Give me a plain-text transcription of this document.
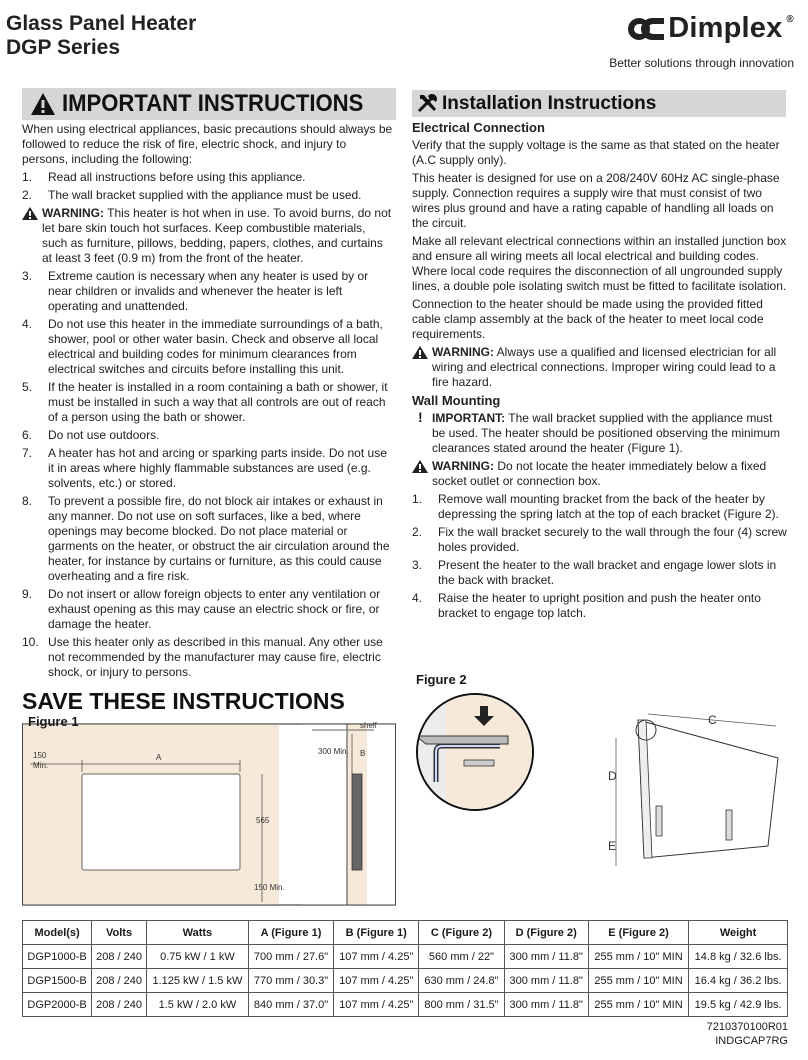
Glass Panel Heater
DGP Series
Dimplex ®
Better solutions through innovation
IMPORTANT INSTRUCTIONS	Installation Instructions

When using electrical appliances, basic precautions should always be followed to reduce the risk of fire, electric shock, and injury to persons, including the following:

1. Read all instructions before using this appliance.
2. The wall bracket supplied with the appliance must be used.
WARNING: This heater is hot when in use. To avoid burns, do not let bare skin touch hot surfaces. Keep combustible materials, such as furniture, pillows, bedding, papers, clothes, and curtains at least 3 feet (0.9 m) from the front of the heater.
3. Extreme caution is necessary when any heater is used by or near children or invalids and whenever the heater is left operating and unattended.
4. Do not use this heater in the immediate surroundings of a bath, shower, pool or other water basin. Check and observe all local electrical and building codes for minimum clearances from electrical switches and circuits before installing this unit.
5. If the heater is installed in a room containing a bath or shower, it must be installed in such a way that all controls are out of reach of a person using the bath or shower.
6. Do not use outdoors.
7. A heater has hot and arcing or sparking parts inside. Do not use it in areas where highly flammable substances are used (e.g. solvents, etc.) or stored.
8. To prevent a possible fire, do not block air intakes or exhaust in any manner. Do not use on soft surfaces, like a bed, where openings may become blocked. Do not place material or garments on the heater, or obstruct the air circulation around the heater, for instance by curtains or furniture, as this could cause overheating and a fire risk.
9. Do not insert or allow foreign objects to enter any ventilation or exhaust opening as this may cause an electric shock or fire, or damage the heater.
10. Use this heater only as described in this manual. Any other use not recommended by the manufacturer may cause fire, electric shock, or injury to persons.
SAVE THESE INSTRUCTIONS
Electrical Connection

Verify that the supply voltage is the same as that stated on the heater (A.C supply only).

This heater is designed for use on a 208/240V 60Hz AC single-phase supply. Connection requires a supply wire that must consist of two wires plus ground and have a rating capable of handling all loads on the circuit.

Make all relevant electrical connections within an installed junction box and ensure all wiring meets all local electrical and building codes. Where local code requires the disconnection of all ungrounded supply lines, a double pole isolating switch must be fitted to facilitate isolation.

Connection to the heater should be made using the provided fitted cable clamp assembly at the back of the heater to meet local code requirements.

WARNING: Always use a qualified and licensed electrician for all wiring and electrical connections. Improper wiring could lead to a fire hazard.
Wall Mounting
! IMPORTANT: The wall bracket supplied with the appliance must be used. The heater should be positioned observing the minimum clearances stated around the heater (Figure 1).
WARNING: Do not locate the heater immediately below a fixed socket outlet or connection box.
1. Remove wall mounting bracket from the back of the heater by depressing the spring latch at the top of each bracket (Figure 2).
2. Fix the wall bracket securely to the wall through the four (4) screw holes provided.
3. Present the heater to the wall bracket and engage lower slots in the back with bracket.
4. Raise the heater to upright position and push the heater onto bracket to engage top latch.
150
Min.
A
565
150 Min.
shelf
300 Min. B
Figure 1
Figure 2
C
D
E
Model(s)	Volts	Watts	A (Figure 1)	B (Figure 1)	C (Figure 2)	D (Figure 2)	E (Figure 2)	Weight
DGP1000-B	208 / 240	0.75 kW / 1 kW	700 mm / 27.6"	107 mm / 4.25"	560 mm / 22"	300 mm / 11.8"	255 mm / 10" MIN	14.8 kg / 32.6 lbs.
DGP1500-B	208 / 240	1.125 kW / 1.5 kW	770 mm / 30.3"	107 mm / 4.25"	630 mm / 24.8"	300 mm / 11.8"	255 mm / 10" MIN	16.4 kg / 36.2 lbs.
DGP2000-B	208 / 240	1.5 kW / 2.0 kW	840 mm / 37.0"	107 mm / 4.25"	800 mm / 31.5"	300 mm / 11.8"	255 mm / 10" MIN	19.5 kg / 42.9 lbs.
7210370100R01
INDGCAP7RG
